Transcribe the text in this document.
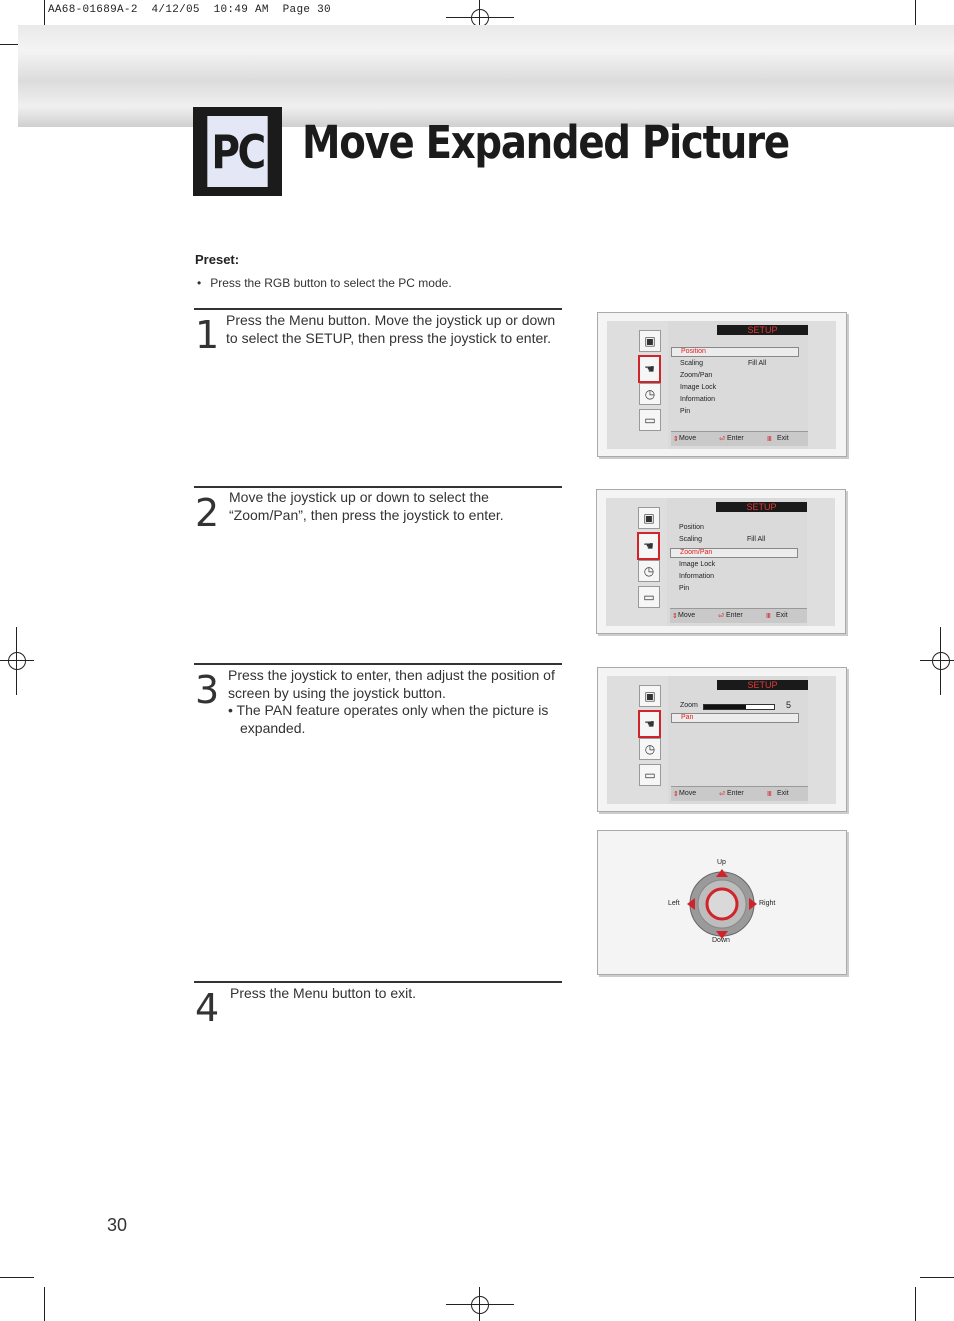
AA68-01689A-2  4/12/05  10:49 AM  Page 30
PC Move Expanded Picture
Preset:
• Press the RGB button to select the PC mode.
1 Press the Menu button. Move the joystick up or down to select the SETUP, then press the joystick to enter.
2 Move the joystick up or down to select the “Zoom/Pan”, then press the joystick to enter.
3 Press the joystick to enter, then adjust the position of screen by using the joystick button.
• The PAN feature operates only when the picture is expanded.
4 Press the Menu button to exit.
▣
☚
◷
▭
SETUP
Position
Scaling	Fill All
Zoom/Pan
Image Lock
Information
Pin
⇕ Move	⏎ Enter	Ⅲ Exit
▣
☚
◷
▭
SETUP
Position
Scaling	Fill All
Zoom/Pan
Image Lock
Information
Pin
⇕ Move	⏎ Enter	Ⅲ Exit
▣
☚
◷
▭
SETUP
Zoom	5
Pan
⇕ Move	⏎ Enter	Ⅲ Exit
Up
Down
Left	Right
30
